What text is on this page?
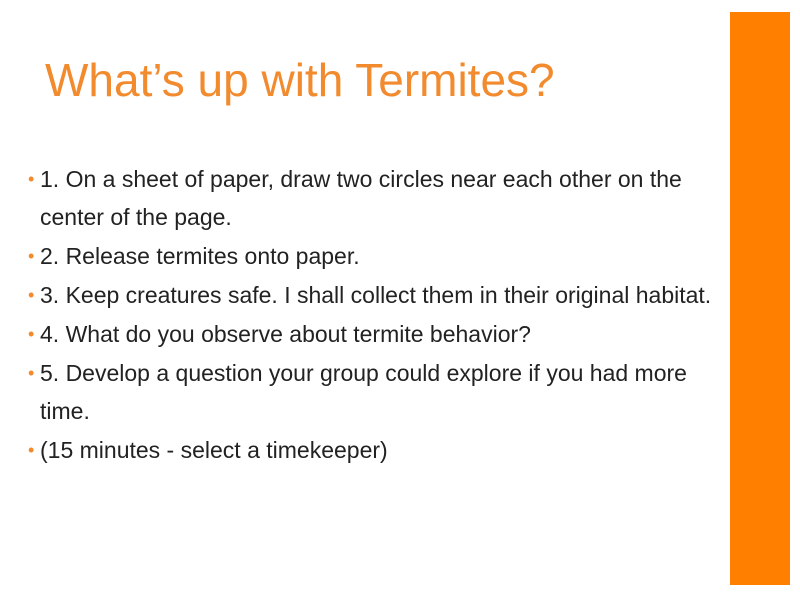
What’s up with Termites?
• 1. On a sheet of paper, draw two circles near each other on the center of the page.
• 2. Release termites onto paper.
• 3. Keep creatures safe. I shall collect them in their original habitat.
• 4. What do you observe about termite behavior?
• 5. Develop a question your group could explore if you had more time.
• (15 minutes - select a timekeeper)
